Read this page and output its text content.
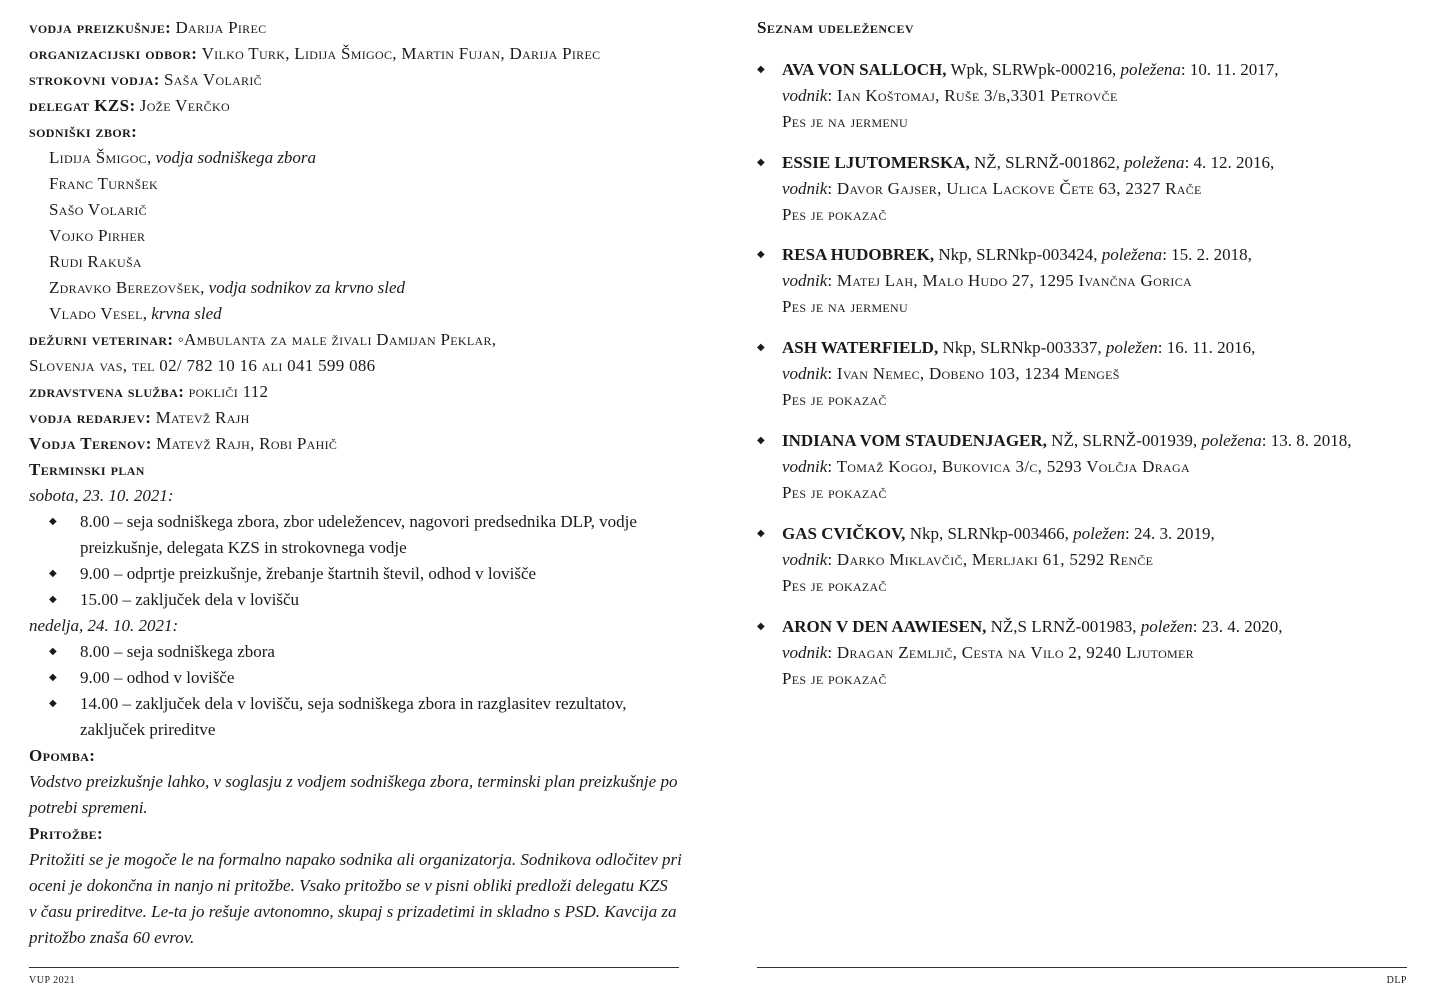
vodja preizkušnje: Darija Pirec
organizacijski odbor: Vilko Turk, Lidija Šmigoc, Martin Fujan, Darija Pirec
strokovni vodja: Saša Volarič
delegat KZS: Jože Verčko
sodniški zbor:
Lidija Šmigoc, vodja sodniškega zbora
Franc Turnšek
Sašo Volarič
Vojko Pirher
Rudi Rakuša
Zdravko Berezovšek, vodja sodnikov za krvno sled
Vlado Vesel, krvna sled
dežurni veterinar: ◦Ambulanta za male živali Damijan Peklar,
Slovenja vas, tel 02/ 782 10 16 ali 041 599 086
zdravstvena služba: pokliči 112
vodja redarjev: Matevž Rajh
Vodja Terenov: Matevž Rajh, Robi Pahič
Terminski plan
sobota, 23. 10. 2021:
◆ 8.00 – seja sodniškega zbora, zbor udeležencev, nagovori predsednika DLP, vodje
preizkušnje, delegata KZS in strokovnega vodje
◆ 9.00 – odprtje preizkušnje, žrebanje štartnih števil, odhod v lovišče
◆ 15.00 – zaključek dela v lovišču
nedelja, 24. 10. 2021:
◆ 8.00 – seja sodniškega zbora
◆ 9.00 – odhod v lovišče
◆ 14.00 – zaključek dela v lovišču, seja sodniškega zbora in razglasitev rezultatov,
zaključek prireditve
Opomba:
Vodstvo preizkušnje lahko, v soglasju z vodjem sodniškega zbora, terminski plan preizkušnje po
potrebi spremeni.
Pritožbe:
Pritožiti se je mogoče le na formalno napako sodnika ali organizatorja. Sodnikova odločitev pri
oceni je dokončna in nanjo ni pritožbe. Vsako pritožbo se v pisni obliki predloži delegatu KZS
v času prireditve. Le-ta jo rešuje avtonomno, skupaj s prizadetimi in skladno s PSD. Kavcija za
pritožbo znaša 60 evrov.
VUP 2021
Seznam udeležencev
◆ AVA VON SALLOCH, Wpk, SLRWpk-000216, poležena: 10. 11. 2017,
vodnik: Ian Koštomaj, Ruše 3/b,3301 Petrovče
Pes je na jermenu
◆ ESSIE LJUTOMERSKA, NŽ, SLRNŽ-001862, poležena: 4. 12. 2016,
vodnik: Davor Gajser, Ulica Lackove Čete 63, 2327 Rače
Pes je pokazač
◆ RESA HUDOBREK, Nkp, SLRNkp-003424, poležena: 15. 2. 2018,
vodnik: Matej Lah, Malo Hudo 27, 1295 Ivančna Gorica
Pes je na jermenu
◆ ASH WATERFIELD, Nkp, SLRNkp-003337, poležen: 16. 11. 2016,
vodnik: Ivan Nemec, Dobeno 103, 1234 Mengeš
Pes je pokazač
◆ INDIANA VOM STAUDENJAGER, NŽ, SLRNŽ-001939, poležena: 13. 8. 2018,
vodnik: Tomaž Kogoj, Bukovica 3/c, 5293 Volčja Draga
Pes je pokazač
◆ GAS CVIČKOV, Nkp, SLRNkp-003466, poležen: 24. 3. 2019,
vodnik: Darko Miklavčič, Merljaki 61, 5292 Renče
Pes je pokazač
◆ ARON V DEN AAWIESEN, NŽ,S LRNŽ-001983, poležen: 23. 4. 2020,
vodnik: Dragan Zemljič, Cesta na Vilo 2, 9240 Ljutomer
Pes je pokazač
DLP
